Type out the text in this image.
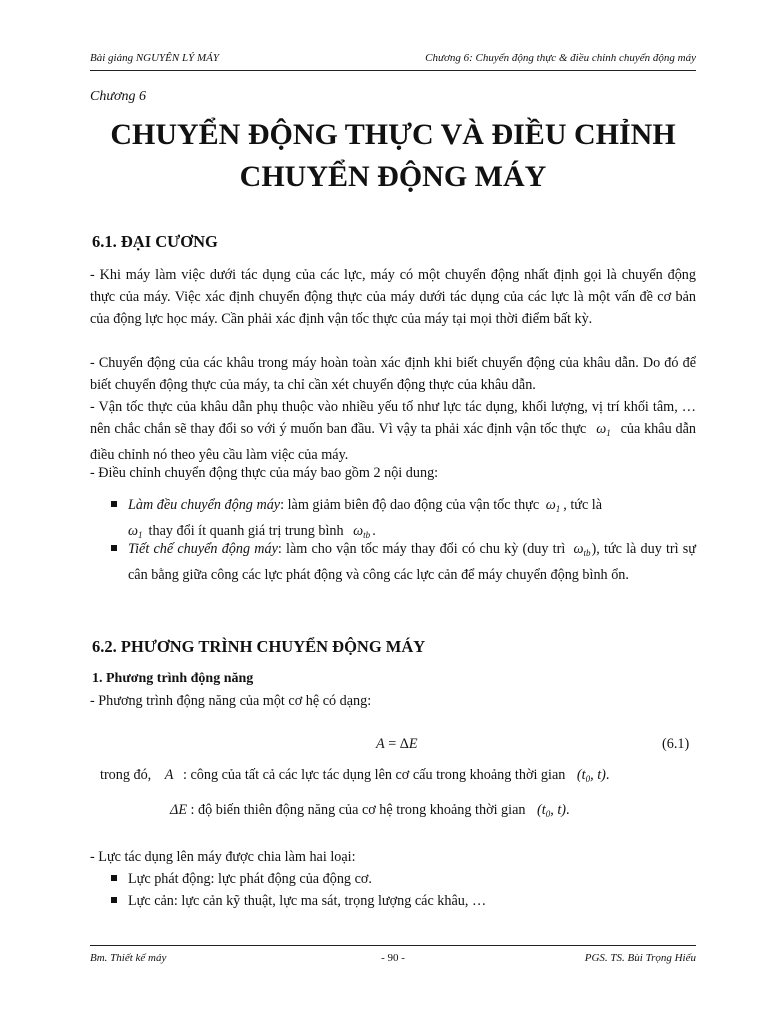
Bài giảng NGUYÊN LÝ MÁY	Chương 6: Chuyển động thực & điều chỉnh chuyển động máy
Chương 6
CHUYỂN ĐỘNG THỰC VÀ ĐIỀU CHỈNH
CHUYỂN ĐỘNG MÁY
6.1. ĐẠI CƯƠNG
- Khi máy làm việc dưới tác dụng của các lực, máy có một chuyển động nhất định gọi là chuyển động thực của máy. Việc xác định chuyển động thực của máy dưới tác dụng của các lực là một vấn đề cơ bản của động lực học máy. Cần phải xác định vận tốc thực của máy tại mọi thời điểm bất kỳ.
- Chuyển động của các khâu trong máy hoàn toàn xác định khi biết chuyển động của khâu dẫn. Do đó để biết chuyển động thực của máy, ta chỉ cần xét chuyển động thực của khâu dẫn.
- Vận tốc thực của khâu dẫn phụ thuộc vào nhiều yếu tố như lực tác dụng, khối lượng, vị trí khối tâm, … nên chắc chắn sẽ thay đổi so với ý muốn ban đầu. Vì vậy ta phải xác định vận tốc thực $\omega_1$ của khâu dẫn điều chỉnh nó theo yêu cầu làm việc của máy.
- Điều chỉnh chuyển động thực của máy bao gồm 2 nội dung:
Làm đều chuyển động máy: làm giảm biên độ dao động của vận tốc thực $\omega_1$ , tức là
$\omega_1$ thay đổi ít quanh giá trị trung bình $\omega_{tb}$ .
Tiết chế chuyển động máy: làm cho vận tốc máy thay đổi có chu kỳ (duy trì $\omega_{tb}$), tức là duy trì sự cân bằng giữa công các lực phát động và công các lực cản để máy chuyển động bình ổn.
6.2. PHƯƠNG TRÌNH CHUYỂN ĐỘNG MÁY
1. Phương trình động năng
- Phương trình động năng của một cơ hệ có dạng:
A = ΔE	(6.1)
trong đó, A : công của tất cả các lực tác dụng lên cơ cấu trong khoảng thời gian ($t_0$, t).
ΔE : độ biến thiên động năng của cơ hệ trong khoảng thời gian ($t_0$, t).
- Lực tác dụng lên máy được chia làm hai loại:
Lực phát động: lực phát động của động cơ.
Lực cản: lực cản kỹ thuật, lực ma sát, trọng lượng các khâu, …
Bm. Thiết kế máy	- 90 -	PGS. TS. Bùi Trọng Hiếu
